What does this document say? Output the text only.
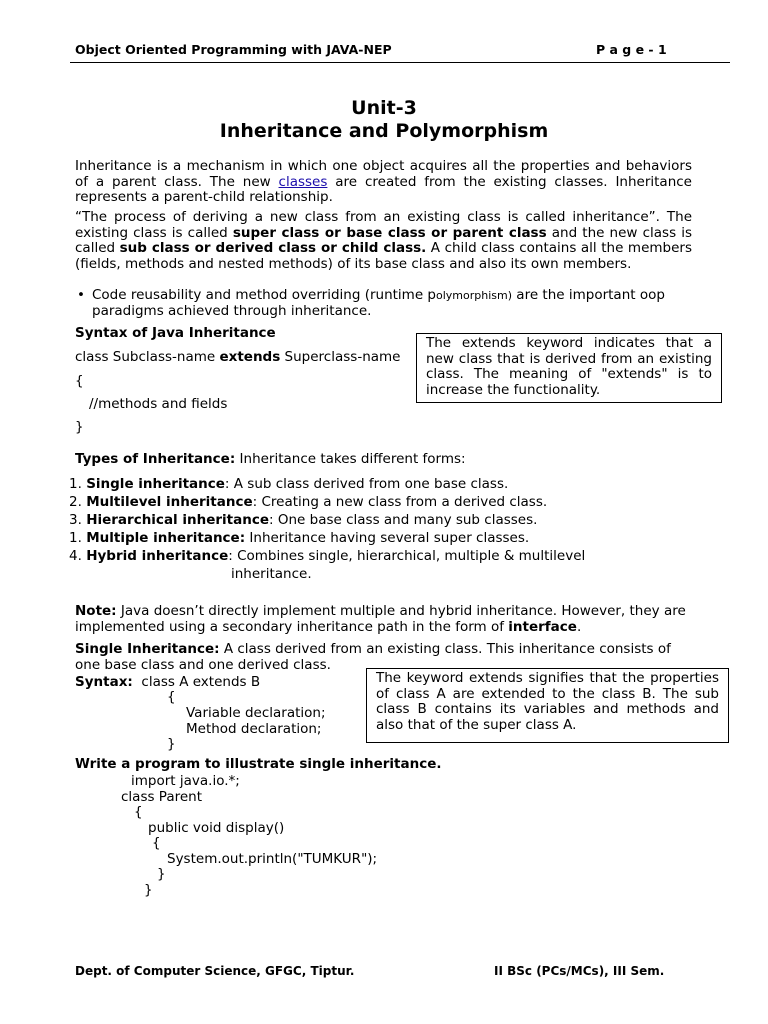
Object Oriented Programming with JAVA-NEP	P a g e - 1
Unit-3
Inheritance and Polymorphism
Inheritance is a mechanism in which one object acquires all the properties and behaviors of a parent class. The new classes are created from the existing classes. Inheritance represents a parent-child relationship.
“The process of deriving a new class from an existing class is called inheritance”. The existing class is called super class or base class or parent class and the new class is called sub class or derived class or child class. A child class contains all the members (fields, methods and nested methods) of its base class and also its own members.
• Code reusability and method overriding (runtime polymorphism) are the important oop paradigms achieved through inheritance.
Syntax of Java Inheritance
class Subclass-name extends Superclass-name
{
//methods and fields
}
The extends keyword indicates that a new class that is derived from an existing class. The meaning of "extends" is to increase the functionality.
Types of Inheritance: Inheritance takes different forms:
1. Single inheritance: A sub class derived from one base class.
2. Multilevel inheritance: Creating a new class from a derived class.
3. Hierarchical inheritance: One base class and many sub classes.
1. Multiple inheritance: Inheritance having several super classes.
4. Hybrid inheritance: Combines single, hierarchical, multiple & multilevel
inheritance.
Note: Java doesn’t directly implement multiple and hybrid inheritance. However, they are implemented using a secondary inheritance path in the form of interface.
Single Inheritance: A class derived from an existing class. This inheritance consists of one base class and one derived class.
Syntax: class A extends B
{
Variable declaration;
Method declaration;
}
The keyword extends signifies that the properties of class A are extended to the class B. The sub class B contains its variables and methods and also that of the super class A.
Write a program to illustrate single inheritance.
import java.io.*;
class Parent
{
public void display()
{
System.out.println("TUMKUR");
}
}
Dept. of Computer Science, GFGC, Tiptur.	II BSc (PCs/MCs), III Sem.
